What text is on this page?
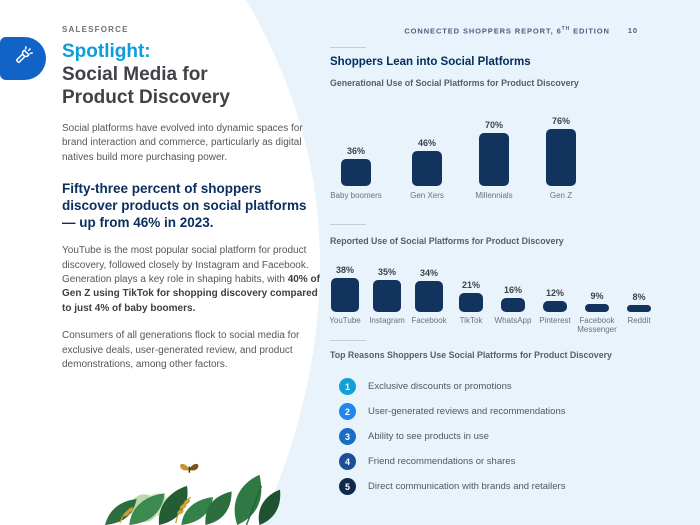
SALESFORCE	CONNECTED SHOPPERS REPORT, 6TH EDITION 10
Spotlight:
Social Media for
Product Discovery
Social platforms have evolved into dynamic spaces for brand interaction and commerce, particularly as digital natives build more purchasing power.
Fifty-three percent of shoppers discover products on social platforms — up from 46% in 2023.
YouTube is the most popular social platform for product discovery, followed closely by Instagram and Facebook. Generation plays a key role in shaping habits, with 40% of Gen Z using TikTok for shopping discovery compared to just 4% of baby boomers.
Consumers of all generations flock to social media for exclusive deals, user-generated review, and product demonstrations, among other factors.
Shoppers Lean into Social Platforms
Generational Use of Social Platforms for Product Discovery
36%
46%
70%	76%
Baby boomers	Gen Xers	Millennials	Gen Z
Reported Use of Social Platforms for Product Discovery
38%	35%	34%
21%	16%	12%	9%	8%
YouTube Instagram Facebook TikTok WhatsApp Pinterest	Facebook Messenger
Reddit
Top Reasons Shoppers Use Social Platforms for Product Discovery
1	Exclusive discounts or promotions
2	User-generated reviews and recommendations
3	Ability to see products in use
4	Friend recommendations or shares
5	Direct communication with brands and retailers
